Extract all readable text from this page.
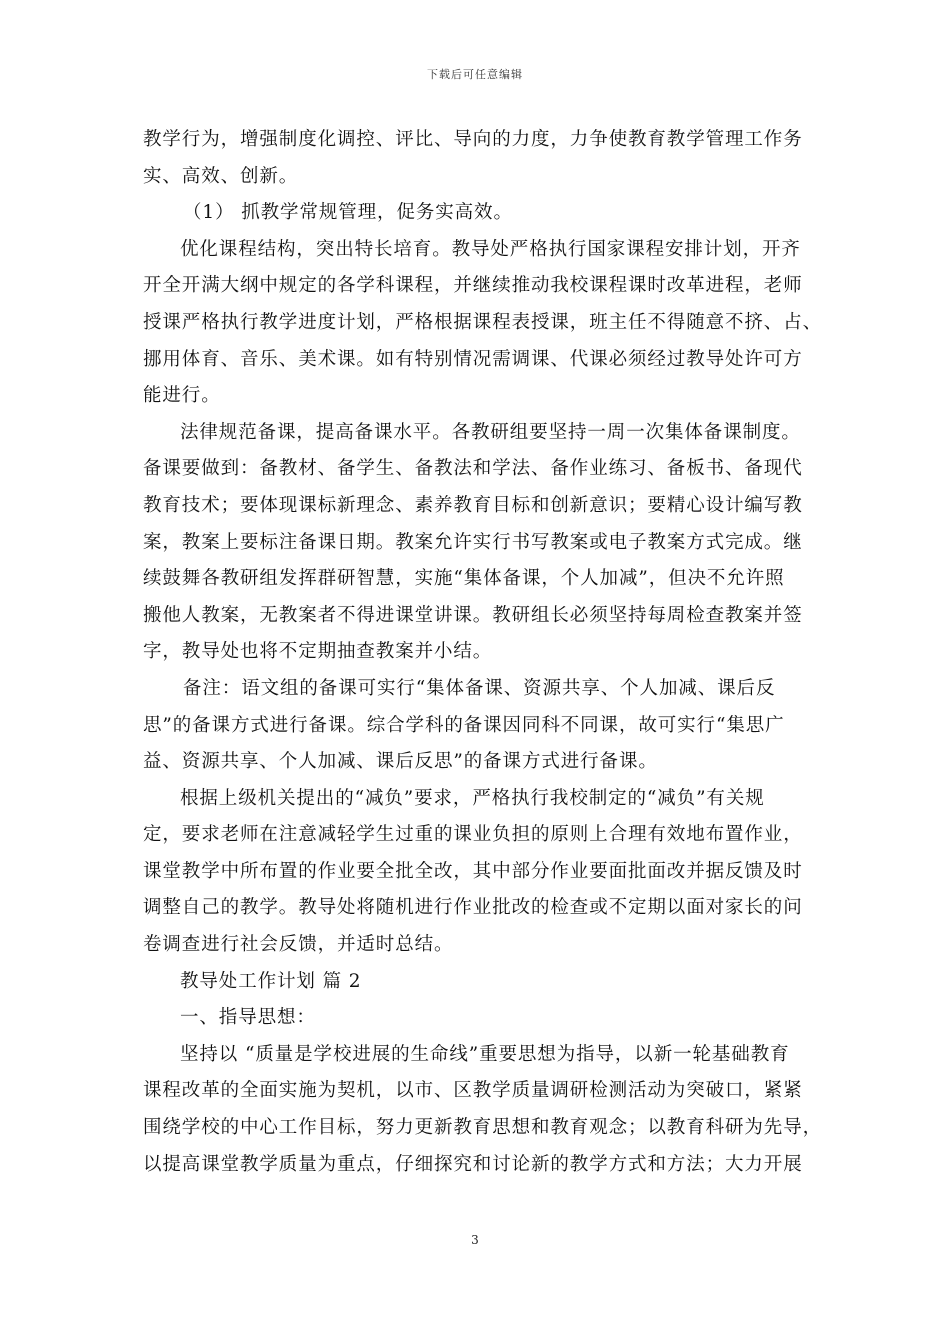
下载后可任意编辑
教学行为，增强制度化调控、评比、导向的力度，力争使教育教学管理工作务
实、高效、创新。
（1） 抓教学常规管理，促务实高效。
优化课程结构，突出特长培育。教导处严格执行国家课程安排计划，开齐
开全开满大纲中规定的各学科课程，并继续推动我校课程课时改革进程，老师
授课严格执行教学进度计划，严格根据课程表授课，班主任不得随意不挤、占、
挪用体育、音乐、美术课。如有特别情况需调课、代课必须经过教导处许可方
能进行。
法律规范备课，提高备课水平。各教研组要坚持一周一次集体备课制度。
备课要做到：备教材、备学生、备教法和学法、备作业练习、备板书、备现代
教育技术；要体现课标新理念、素养教育目标和创新意识；要精心设计编写教
案，教案上要标注备课日期。教案允许实行书写教案或电子教案方式完成。继
续鼓舞各教研组发挥群研智慧，实施“集体备课，个人加减”，但决不允许照
搬他人教案，无教案者不得进课堂讲课。教研组长必须坚持每周检查教案并签
字，教导处也将不定期抽查教案并小结。
备注：语文组的备课可实行“集体备课、资源共享、个人加减、课后反
思”的备课方式进行备课。综合学科的备课因同科不同课，故可实行“集思广
益、资源共享、个人加减、课后反思”的备课方式进行备课。
根据上级机关提出的“减负”要求，严格执行我校制定的“减负”有关规
定，要求老师在注意减轻学生过重的课业负担的原则上合理有效地布置作业，
课堂教学中所布置的作业要全批全改，其中部分作业要面批面改并据反馈及时
调整自己的教学。教导处将随机进行作业批改的检查或不定期以面对家长的问
卷调查进行社会反馈，并适时总结。
教导处工作计划 篇 2
一、指导思想：
坚持以 “质量是学校进展的生命线”重要思想为指导，以新一轮基础教育
课程改革的全面实施为契机，以市、区教学质量调研检测活动为突破口，紧紧
围绕学校的中心工作目标，努力更新教育思想和教育观念；以教育科研为先导，
以提高课堂教学质量为重点，仔细探究和讨论新的教学方式和方法；大力开展
3
